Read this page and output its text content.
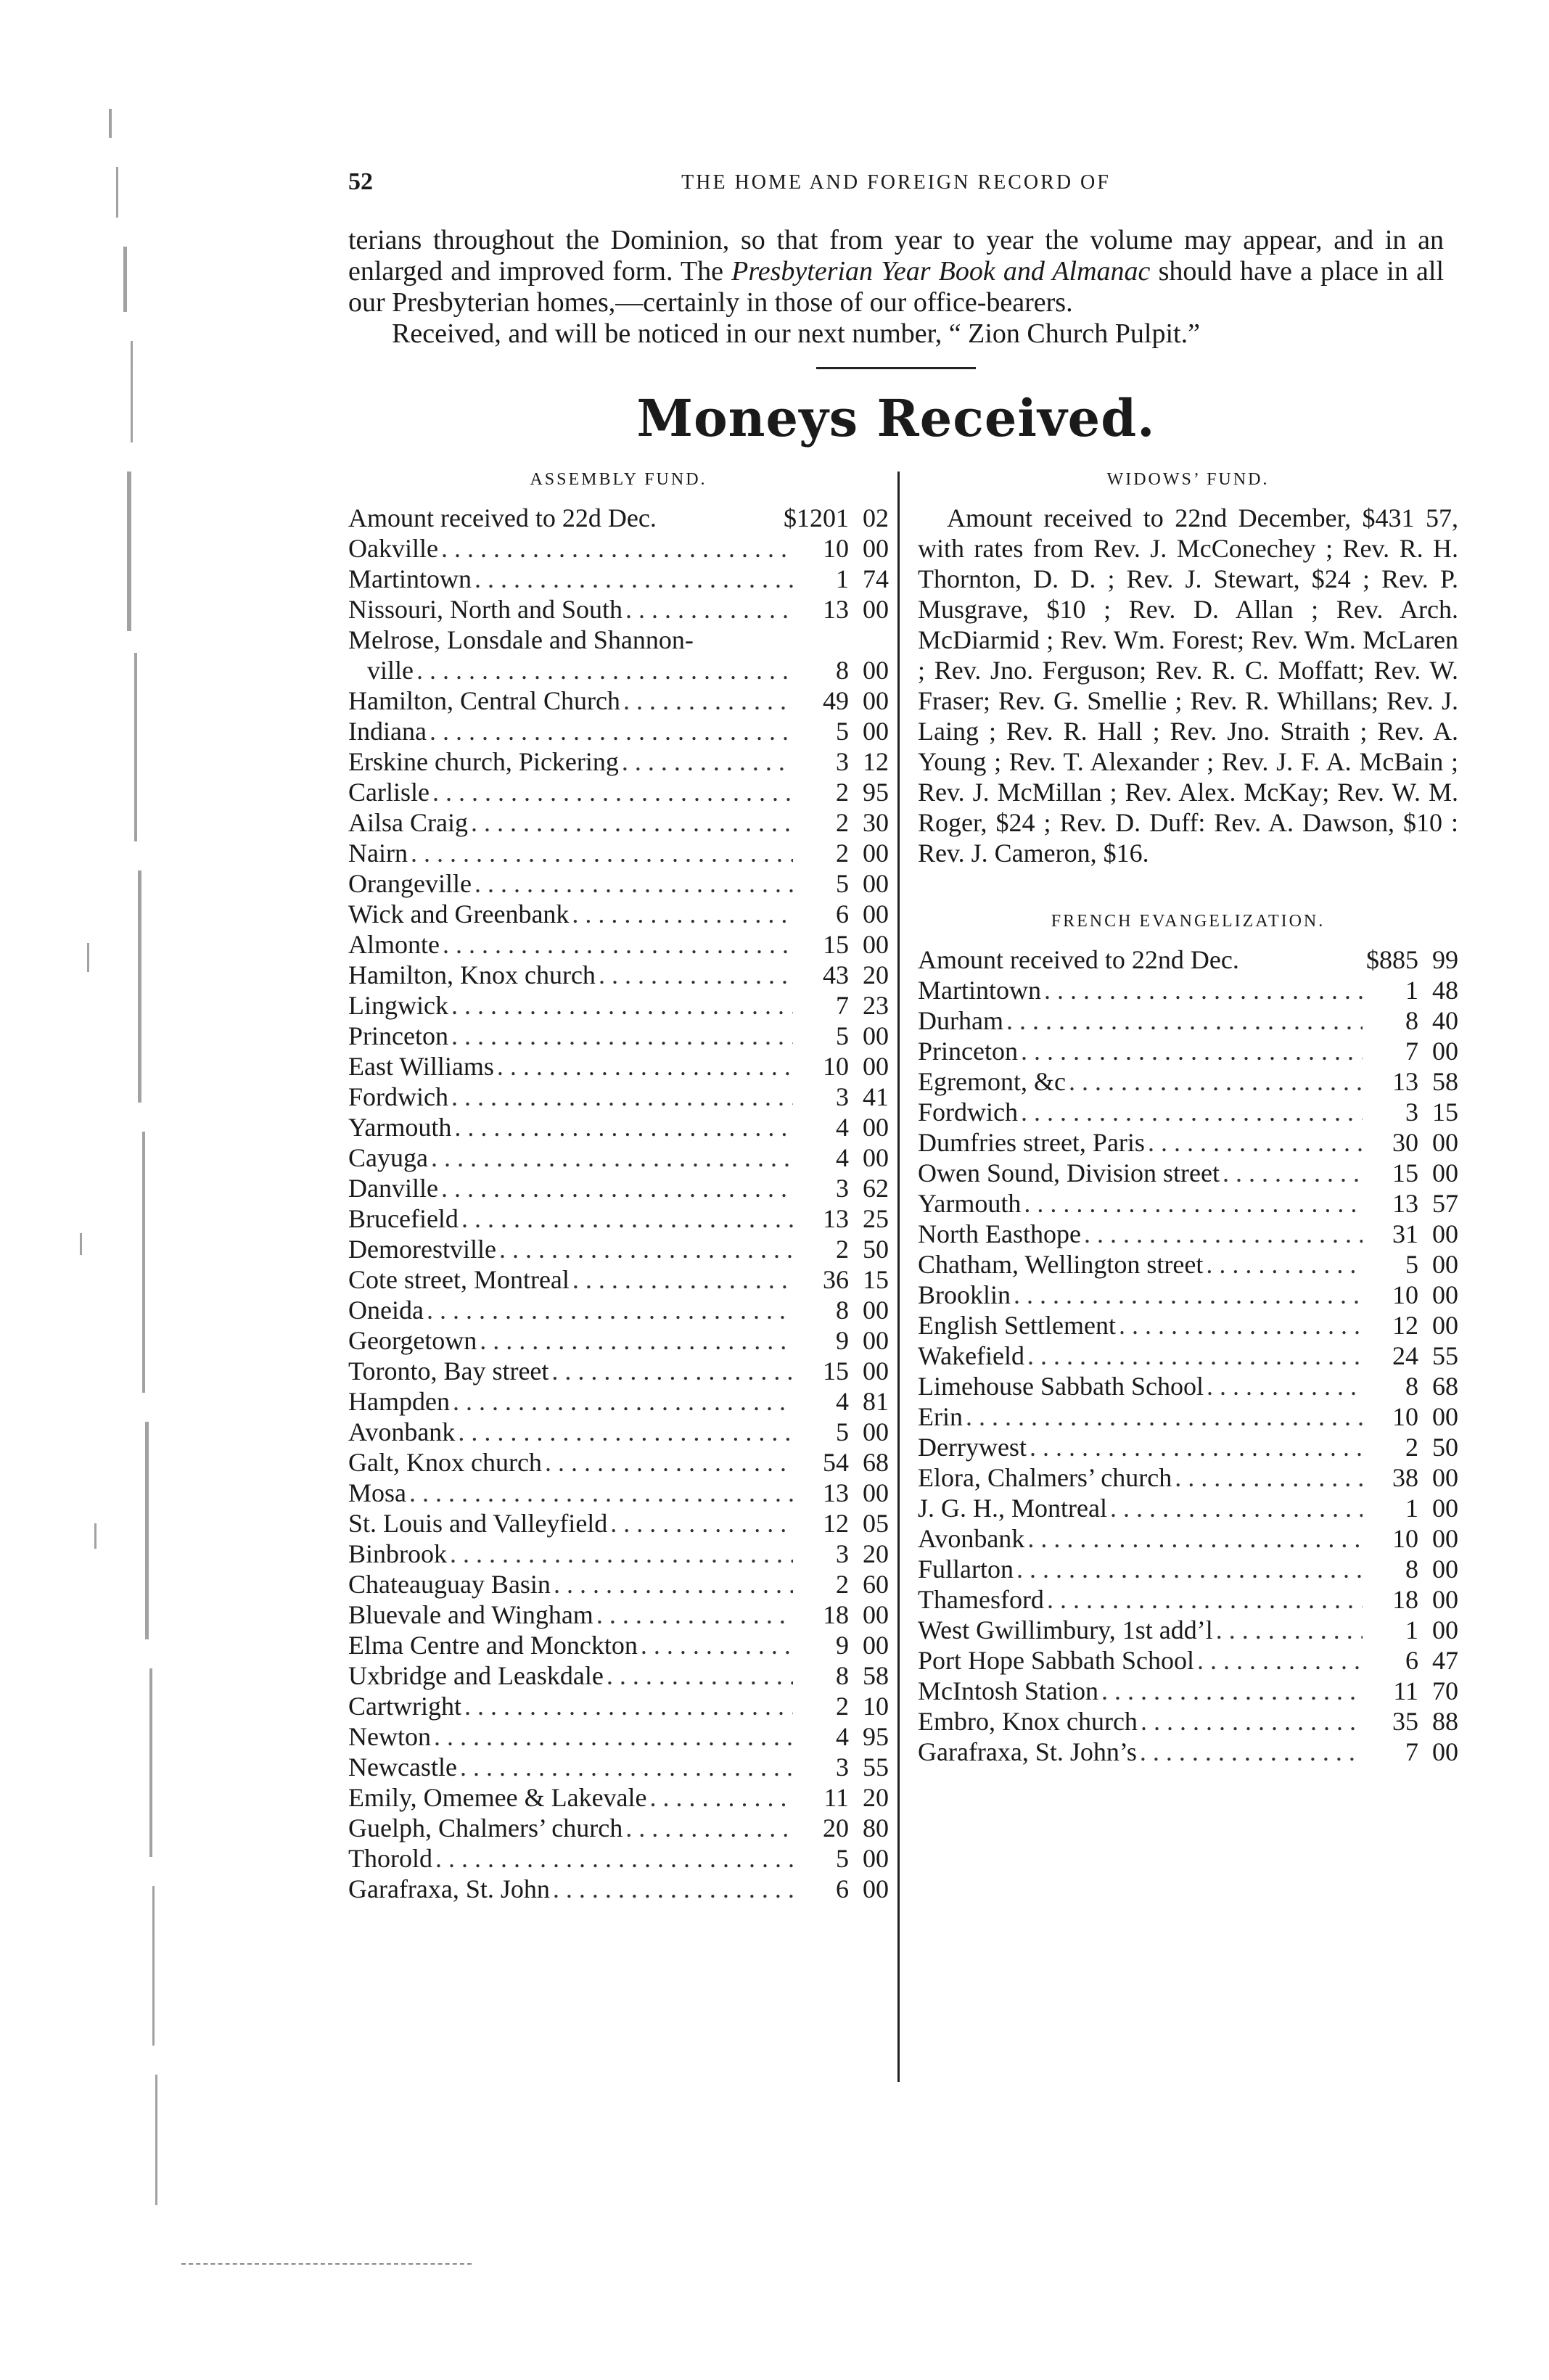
52	THE HOME AND FOREIGN RECORD OF

terians throughout the Dominion, so that from year to year the volume may appear, and in an enlarged and improved form. The Presbyterian Year Book and Almanac should have a place in all our Presbyterian homes,—certainly in those of our office-bearers.

Received, and will be noticed in our next number, “ Zion Church Pulpit.”

Moneys Received.
ASSEMBLY FUND.
Amount received to 22d Dec.	$1201 02
Oakville . . .	10 00
Martintown . . .	1 74
Nissouri, North and South . . .	13 00
Melrose, Lonsdale and Shannon-
ville . . .	8 00
Hamilton, Central Church . . .	49 00
Indiana . . .	5 00
Erskine church, Pickering . . .	3 12
Carlisle . . .	2 95
Ailsa Craig . . .	2 30
Nairn . . .	2 00
Orangeville . . .	5 00
Wick and Greenbank . . .	6 00
Almonte . . .	15 00
Hamilton, Knox church . . .	43 20
Lingwick . . .	7 23
Princeton . . .	5 00
East Williams . . .	10 00
Fordwich . . .	3 41
Yarmouth . . .	4 00
Cayuga . . .	4 00
Danville . . .	3 62
Brucefield . . .	13 25
Demorestville . . .	2 50
Cote street, Montreal . . .	36 15
Oneida . . .	8 00
Georgetown . . .	9 00
Toronto, Bay street . . .	15 00
Hampden . . .	4 81
Avonbank . . .	5 00
Galt, Knox church . . .	54 68
Mosa . . .	13 00
St. Louis and Valleyfield . . .	12 05
Binbrook . . .	3 20
Chateauguay Basin . . .	2 60
Bluevale and Wingham . . .	18 00
Elma Centre and Monckton . . .	9 00
Uxbridge and Leaskdale . . .	8 58
Cartwright . . .	2 10
Newton . . .	4 95
Newcastle . . .	3 55
Emily, Omemee & Lakevale . . .	11 20
Guelph, Chalmers’ church . . .	20 80
Thorold . . .	5 00
Garafraxa, St. John . . .	6 00
WIDOWS’ FUND.

Amount received to 22nd December, $431 57, with rates from Rev. J. McConechey ; Rev. R. H. Thornton, D. D. ; Rev. J. Stewart, $24 ; Rev. P. Musgrave, $10 ; Rev. D. Allan ; Rev. Arch. McDiarmid ; Rev. Wm. Forest; Rev. Wm. McLaren ; Rev. Jno. Ferguson; Rev. R. C. Moffatt; Rev. W. Fraser; Rev. G. Smellie ; Rev. R. Whillans; Rev. J. Laing ; Rev. R. Hall ; Rev. Jno. Straith ; Rev. A. Young ; Rev. T. Alexander ; Rev. J. F. A. McBain ; Rev. J. McMillan ; Rev. Alex. McKay; Rev. W. M. Roger, $24 ; Rev. D. Duff: Rev. A. Dawson, $10 : Rev. J. Cameron, $16.

FRENCH EVANGELIZATION.
Amount received to 22nd Dec.	$885 99
Martintown . . .	1 48
Durham . . .	8 40
Princeton . . .	7 00
Egremont, &c . . .	13 58
Fordwich . . .	3 15
Dumfries street, Paris . . .	30 00
Owen Sound, Division street . . .	15 00
Yarmouth . . .	13 57
North Easthope . . .	31 00
Chatham, Wellington street . . .	5 00
Brooklin . . .	10 00
English Settlement . . .	12 00
Wakefield . . .	24 55
Limehouse Sabbath School . . .	8 68
Erin . . .	10 00
Derrywest . . .	2 50
Elora, Chalmers’ church . . .	38 00
J. G. H., Montreal . . .	1 00
Avonbank . . .	10 00
Fullarton . . .	8 00
Thamesford . . .	18 00
West Gwillimbury, 1st add’l . . .	1 00
Port Hope Sabbath School . . .	6 47
McIntosh Station . . .	11 70
Embro, Knox church . . .	35 88
Garafraxa, St. John’s . . .	7 00
